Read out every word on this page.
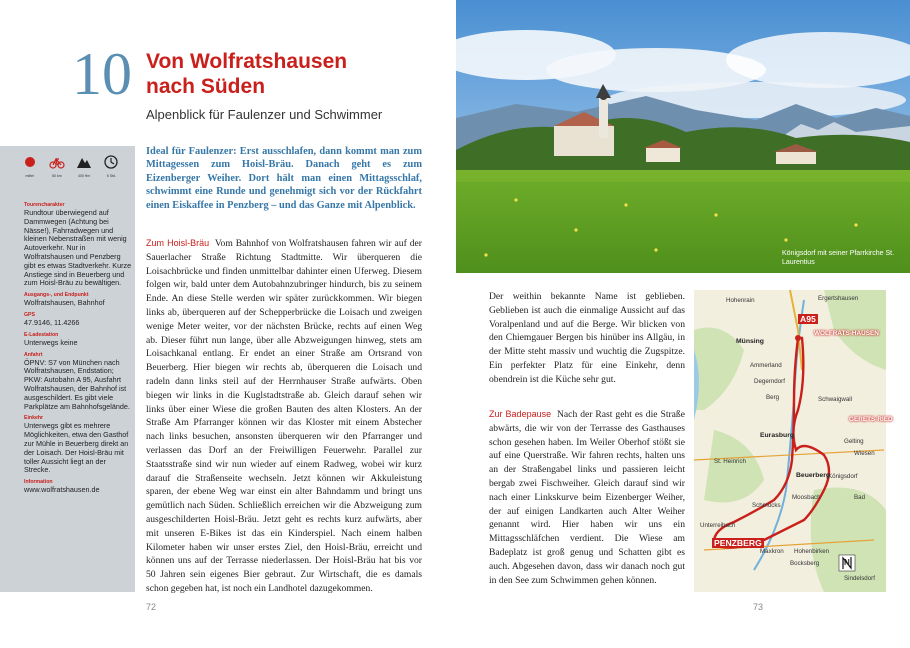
10 Von Wolfratshausen nach Süden
Alpenblick für Faulenzer und Schwimmer
mittel	60 km	400 Hm	5 Std.
Tourencharakter
Rundtour überwiegend auf Dammwegen (Achtung bei Nässe!), Fahrradwegen und kleinen Nebenstraßen mit wenig Autoverkehr. Nur in Wolfratshausen und Penzberg gibt es etwas Stadtverkehr. Kurze Anstiege sind in Beuerberg und zum Hoisl-Bräu zu bewältigen.
Ausgangs-, und Endpunkt
Wolfratshausen, Bahnhof
GPS
47.9146, 11.4266
E-Ladestation
Unterwegs keine
Anfahrt
ÖPNV: S7 von München nach Wolfratshausen, Endstation; PKW: Autobahn A 95, Ausfahrt Wolfratshausen, der Bahnhof ist ausgeschildert. Es gibt viele Parkplätze am Bahnhofsgelände.
Einkehr
Unterwegs gibt es mehrere Möglichkeiten, etwa den Gasthof zur Mühle in Beuerberg direkt an der Loisach. Der Hoisl-Bräu mit toller Aussicht liegt an der Strecke.
Information
www.wolfratshausen.de
Ideal für Faulenzer: Erst ausschlafen, dann kommt man zum Mittagessen zum Hoisl-Bräu. Danach geht es zum Eizenberger Weiher. Dort hält man einen Mittagsschlaf, schwimmt eine Runde und genehmigt sich vor der Rückfahrt einen Eiskaffee in Penzberg – und das Ganze mit Alpenblick.
Zum Hoisl-Bräu Vom Bahnhof von Wolfratshausen fahren wir auf der Sauerlacher Straße Richtung Stadtmitte. Wir überqueren die Loisachbrücke und finden unmittelbar dahinter einen Uferweg. Diesem folgen wir, bald unter dem Autobahnzubringer hindurch, bis zu seinem Ende. An diese Stelle werden wir später zurückkommen. Wir biegen links ab, überqueren auf der Schepperbrücke die Loisach und zweigen wenige Meter weiter, vor der nächsten Brücke, rechts auf einen Weg ab. Dieser führt nun lange, über alle Abzweigungen hinweg, stets am Loisachkanal entlang. Er endet an einer Straße am Ortsrand von Beuerberg. Hier biegen wir rechts ab, überqueren die Loisach und radeln dann links steil auf der Herrnhauser Straße aufwärts. Oben biegen wir links in die Kuglstadtstraße ab. Gleich darauf sehen wir links über einer Wiese die großen Bauten des alten Klosters. An der Straße Am Pfarranger können wir das Kloster mit einem Abstecher nach links besuchen, ansonsten überqueren wir den Pfarranger und verlassen das Dorf an der Freiwilligen Feuerwehr. Parallel zur Staatsstraße sind wir nun wieder auf einem Radweg, wobei wir kurz darauf die Straßenseite wechseln. Jetzt können wir Akkuleistung sparen, der ebene Weg war einst ein alter Bahndamm und bringt uns gemütlich nach Süden. Schließlich erreichen wir die Abzweigung zum ausgeschilderten Hoisl-Bräu. Jetzt geht es rechts kurz aufwärts, aber mit unseren E-Bikes ist das ein Kinderspiel. Nach einem halben Kilometer haben wir unser erstes Ziel, den Hoisl-Bräu, erreicht und können uns auf der Terrasse niederlassen. Der Hoisl-Bräu hat bis vor 50 Jahren sein eigenes Bier gebraut. Zur Wirtschaft, die es damals schon gegeben hat, ist noch ein Landhotel dazugekommen.
72
Königsdorf mit seiner Pfarrkirche St. Laurentius
Der weithin bekannte Name ist geblieben. Geblieben ist auch die einmalige Aussicht auf das Voralpenland und auf die Berge. Wir blicken von den Chiemgauer Bergen bis hinüber ins Allgäu, in der Mitte steht massiv und wuchtig die Zugspitze. Ein perfekter Platz für eine Einkehr, denn obendrein ist die Küche sehr gut.
Zur Badepause Nach der Rast geht es die Straße abwärts, die wir von der Terrasse des Gasthauses schon gesehen haben. Im Weiler Oberhof stößt sie auf eine Querstraße. Wir fahren rechts, halten uns an der Straßengabel links und passieren leicht bergab zwei Fischweiher. Gleich darauf sind wir nach einer Linkskurve beim Eizenberger Weiher, der auf einigen Landkarten auch Alter Weiher genannt wird. Hier haben wir uns ein Mittagsschläfchen verdient. Die Wiese am Badeplatz ist groß genug und Schatten gibt es auch. Abgesehen davon, dass wir danach noch gut in den See zum Schwimmen gehen können.
Hohenrain	Ergertshausen
A95
Münsing
WOLFRATS-HAUSEN
Ammerland
Degerndorf
Berg	Schwaigwall
GERETS-RIED
Eurasburg
Gelting
Wiesen
St. Heinrich
Beuerberg
Königsdorf
Bad
Schmucks
Moosbach
Unterreibach
PENZBERG
Maxkron Hohenbirken
Bocksberg
Sindelsdorf
N
73
